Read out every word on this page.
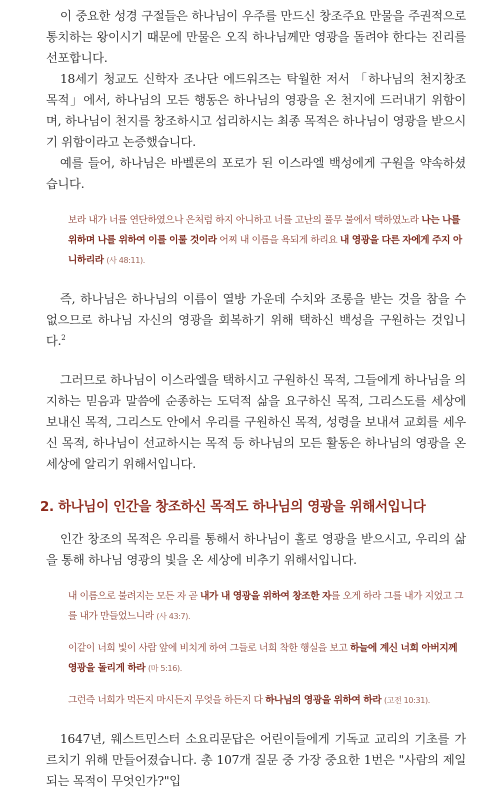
이 중요한 성경 구절들은 하나님이 우주를 만드신 창조주요 만물을 주권적으로 통치하는 왕이시기 때문에 만물은 오직 하나님께만 영광을 돌려야 한다는 진리를 선포합니다.

18세기 청교도 신학자 조나단 에드워즈는 탁월한 저서 「하나님의 천지창조 목적」에서, 하나님의 모든 행동은 하나님의 영광을 온 천지에 드러내기 위함이며, 하나님이 천지를 창조하시고 섭리하시는 최종 목적은 하나님이 영광을 받으시기 위함이라고 논증했습니다.

예를 들어, 하나님은 바벨론의 포로가 된 이스라엘 백성에게 구원을 약속하셨습니다.

보라 내가 너를 연단하였으나 은처럼 하지 아니하고 너를 고난의 풀무 불에서 택하였노라 나는 나를 위하며 나를 위하여 이를 이룰 것이라 어찌 내 이름을 욕되게 하리요 내 영광을 다른 자에게 주지 아니하리라 (사 48:11).

즉, 하나님은 하나님의 이름이 열방 가운데 수치와 조롱을 받는 것을 참을 수 없으므로 하나님 자신의 영광을 회복하기 위해 택하신 백성을 구원하는 것입니다.$^2$

그러므로 하나님이 이스라엘을 택하시고 구원하신 목적, 그들에게 하나님을 의지하는 믿음과 말씀에 순종하는 도덕적 삶을 요구하신 목적, 그리스도를 세상에 보내신 목적, 그리스도 안에서 우리를 구원하신 목적, 성령을 보내셔 교회를 세우신 목적, 하나님이 선교하시는 목적 등 하나님의 모든 활동은 하나님의 영광을 온 세상에 알리기 위해서입니다.

2. 하나님이 인간을 창조하신 목적도 하나님의 영광을 위해서입니다

인간 창조의 목적은 우리를 통해서 하나님이 홀로 영광을 받으시고, 우리의 삶을 통해 하나님 영광의 빛을 온 세상에 비추기 위해서입니다.

내 이름으로 불려지는 모든 자 곧 내가 내 영광을 위하여 창조한 자를 오게 하라 그를 내가 지었고 그를 내가 만들었느니라 (사 43:7).

이같이 너희 빛이 사람 앞에 비치게 하여 그들로 너희 착한 행실을 보고 하늘에 계신 너희 아버지께 영광을 돌리게 하라 (마 5:16).

그런즉 너희가 먹든지 마시든지 무엇을 하든지 다 하나님의 영광을 위하여 하라 (고전 10:31).

1647년, 웨스트민스터 소요리문답은 어린이들에게 기독교 교리의 기초를 가르치기 위해 만들어졌습니다. 총 107개 질문 중 가장 중요한 1번은 "사람의 제일 되는 목적이 무엇인가?"입
